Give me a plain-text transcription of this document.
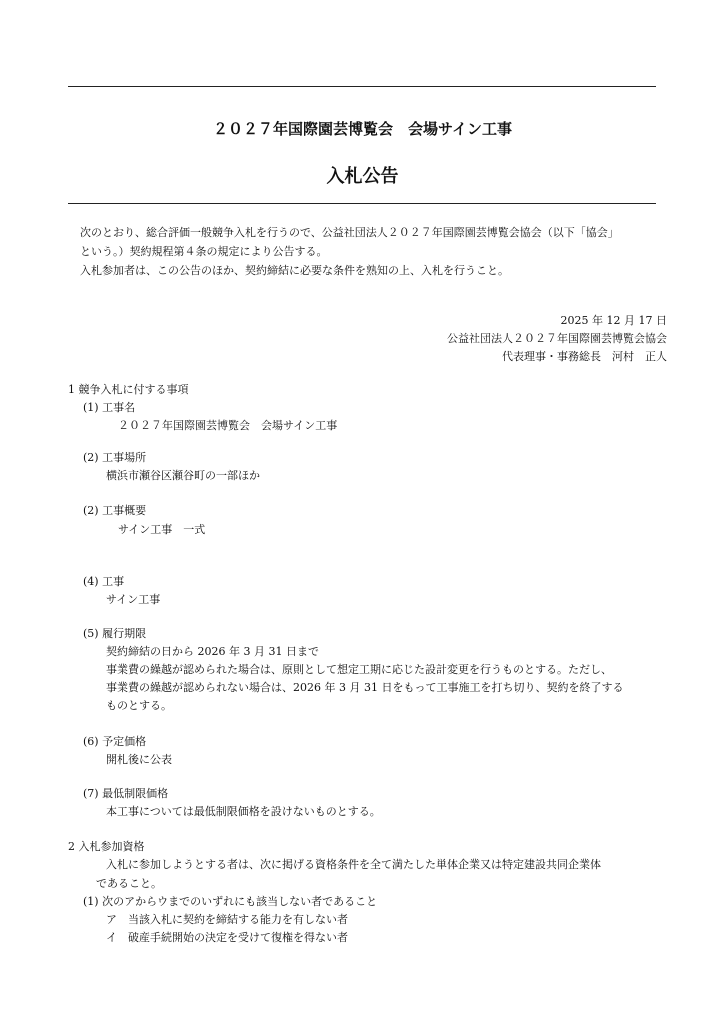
２０２７年国際園芸博覧会　会場サイン工事
入札公告
次のとおり、総合評価一般競争入札を行うので、公益社団法人２０２７年国際園芸博覧会協会（以下「協会」
という。）契約規程第４条の規定により公告する。
入札参加者は、この公告のほか、契約締結に必要な条件を熟知の上、入札を行うこと。
2025 年 12 月 17 日
公益社団法人２０２７年国際園芸博覧会協会
代表理事・事務総長　河村　正人
1 競争入札に付する事項
(1) 工事名
２０２７年国際園芸博覧会　会場サイン工事
(2) 工事場所
横浜市瀬谷区瀬谷町の一部ほか
(2) 工事概要
サイン工事　一式
(4) 工事
サイン工事
(5) 履行期限
契約締結の日から 2026 年 3 月 31 日まで
事業費の繰越が認められた場合は、原則として想定工期に応じた設計変更を行うものとする。ただし、
事業費の繰越が認められない場合は、2026 年 3 月 31 日をもって工事施工を打ち切り、契約を終了する
ものとする。
(6) 予定価格
開札後に公表
(7) 最低制限価格
本工事については最低制限価格を設けないものとする。
2 入札参加資格
入札に参加しようとする者は、次に掲げる資格条件を全て満たした単体企業又は特定建設共同企業体
であること。
(1) 次のアからウまでのいずれにも該当しない者であること
ア　当該入札に契約を締結する能力を有しない者
イ　破産手続開始の決定を受けて復権を得ない者
